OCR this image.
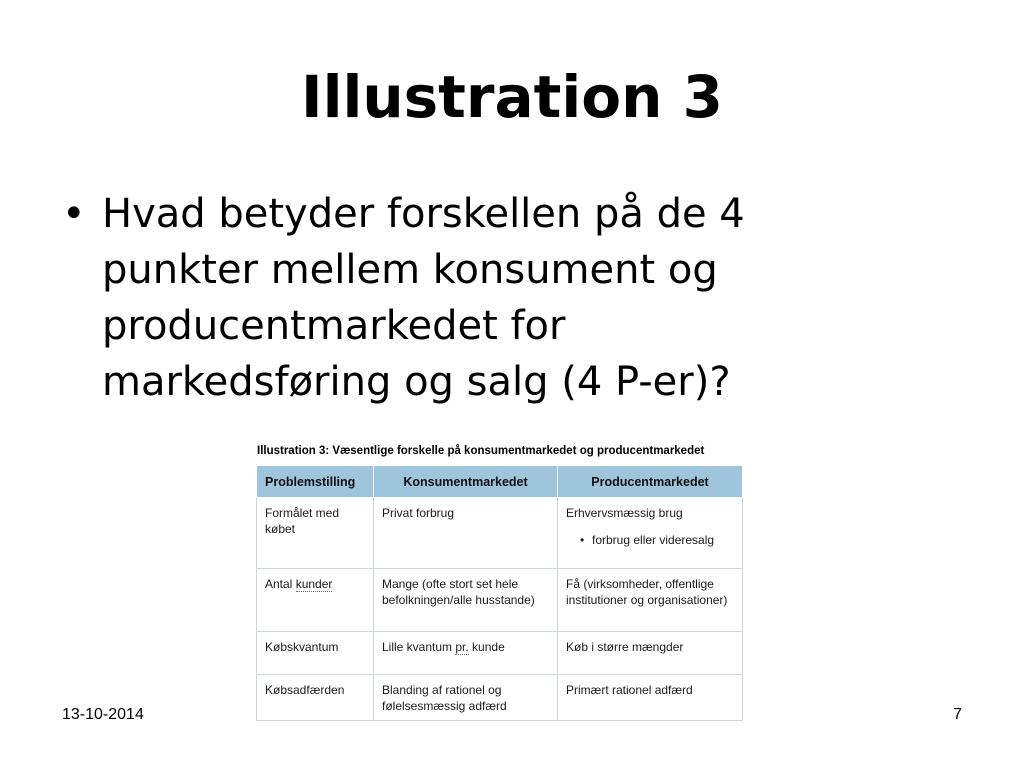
Illustration 3
• Hvad betyder forskellen på de 4 punkter mellem konsument og producentmarkedet for markedsføring og salg (4 P-er)?
Illustration 3: Væsentlige forskelle på konsumentmarkedet og producentmarkedet
Problemstilling	Konsumentmarkedet	Producentmarkedet
Formålet med købet	Privat forbrug	Erhvervsmæssig brug
• forbrug eller videresalg

Antal kunder	Mange (ofte stort set hele befolkningen/alle husstande)	Få (virksomheder, offentlige institutioner og organisationer)
Købskvantum	Lille kvantum pr. kunde	Køb i større mængder
Købsadfærden	Blanding af rationel og følelsesmæssig adfærd	Primært rationel adfærd
13-10-2014	7
